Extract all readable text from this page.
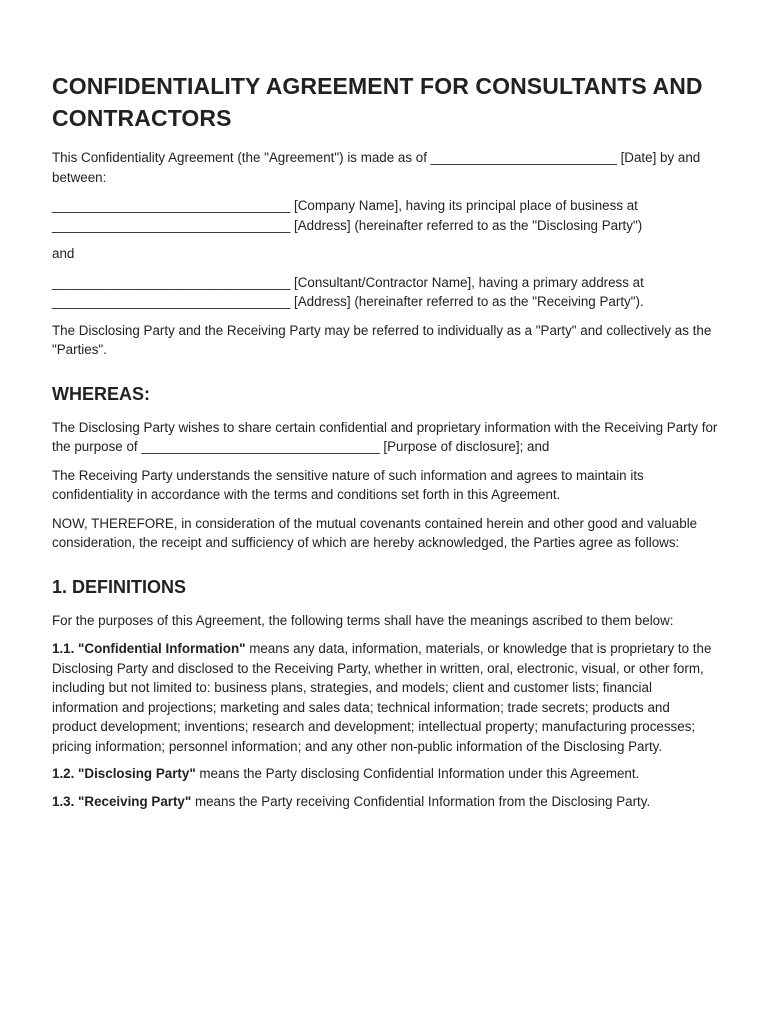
CONFIDENTIALITY AGREEMENT FOR CONSULTANTS AND CONTRACTORS

This Confidentiality Agreement (the "Agreement") is made as of _________________________ [Date] by and between:

________________________________ [Company Name], having its principal place of business at ________________________________ [Address] (hereinafter referred to as the "Disclosing Party")

and

________________________________ [Consultant/Contractor Name], having a primary address at ________________________________ [Address] (hereinafter referred to as the "Receiving Party").

The Disclosing Party and the Receiving Party may be referred to individually as a "Party" and collectively as the "Parties".

WHEREAS:

The Disclosing Party wishes to share certain confidential and proprietary information with the Receiving Party for the purpose of ________________________________ [Purpose of disclosure]; and

The Receiving Party understands the sensitive nature of such information and agrees to maintain its confidentiality in accordance with the terms and conditions set forth in this Agreement.

NOW, THEREFORE, in consideration of the mutual covenants contained herein and other good and valuable consideration, the receipt and sufficiency of which are hereby acknowledged, the Parties agree as follows:

1. DEFINITIONS

For the purposes of this Agreement, the following terms shall have the meanings ascribed to them below:

1.1. "Confidential Information" means any data, information, materials, or knowledge that is proprietary to the Disclosing Party and disclosed to the Receiving Party, whether in written, oral, electronic, visual, or other form, including but not limited to: business plans, strategies, and models; client and customer lists; financial information and projections; marketing and sales data; technical information; trade secrets; products and product development; inventions; research and development; intellectual property; manufacturing processes; pricing information; personnel information; and any other non-public information of the Disclosing Party.

1.2. "Disclosing Party" means the Party disclosing Confidential Information under this Agreement.

1.3. "Receiving Party" means the Party receiving Confidential Information from the Disclosing Party.
